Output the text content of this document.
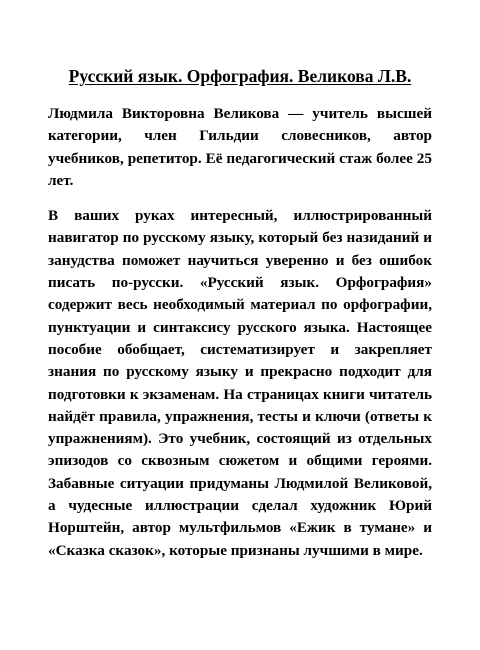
Русский язык. Орфография. Великова Л.В.

Людмила Викторовна Великова — учитель высшей категории, член Гильдии словесников, автор учебников, репетитор. Её педагогический стаж более 25 лет.

В ваших руках интересный, иллюстрированный навигатор по русскому языку, который без назиданий и занудства поможет научиться уверенно и без ошибок писать по-русски. «Русский язык. Орфография» содержит весь необходимый материал по орфографии, пунктуации и синтаксису русского языка. Настоящее пособие обобщает, систематизирует и закрепляет знания по русскому языку и прекрасно подходит для подготовки к экзаменам. На страницах книги читатель найдёт правила, упражнения, тесты и ключи (ответы к упражнениям). Это учебник, состоящий из отдельных эпизодов со сквозным сюжетом и общими героями. Забавные ситуации придуманы Людмилой Великовой, а чудесные иллюстрации сделал художник Юрий Норштейн, автор мультфильмов «Ежик в тумане» и «Сказка сказок», которые признаны лучшими в мире.
